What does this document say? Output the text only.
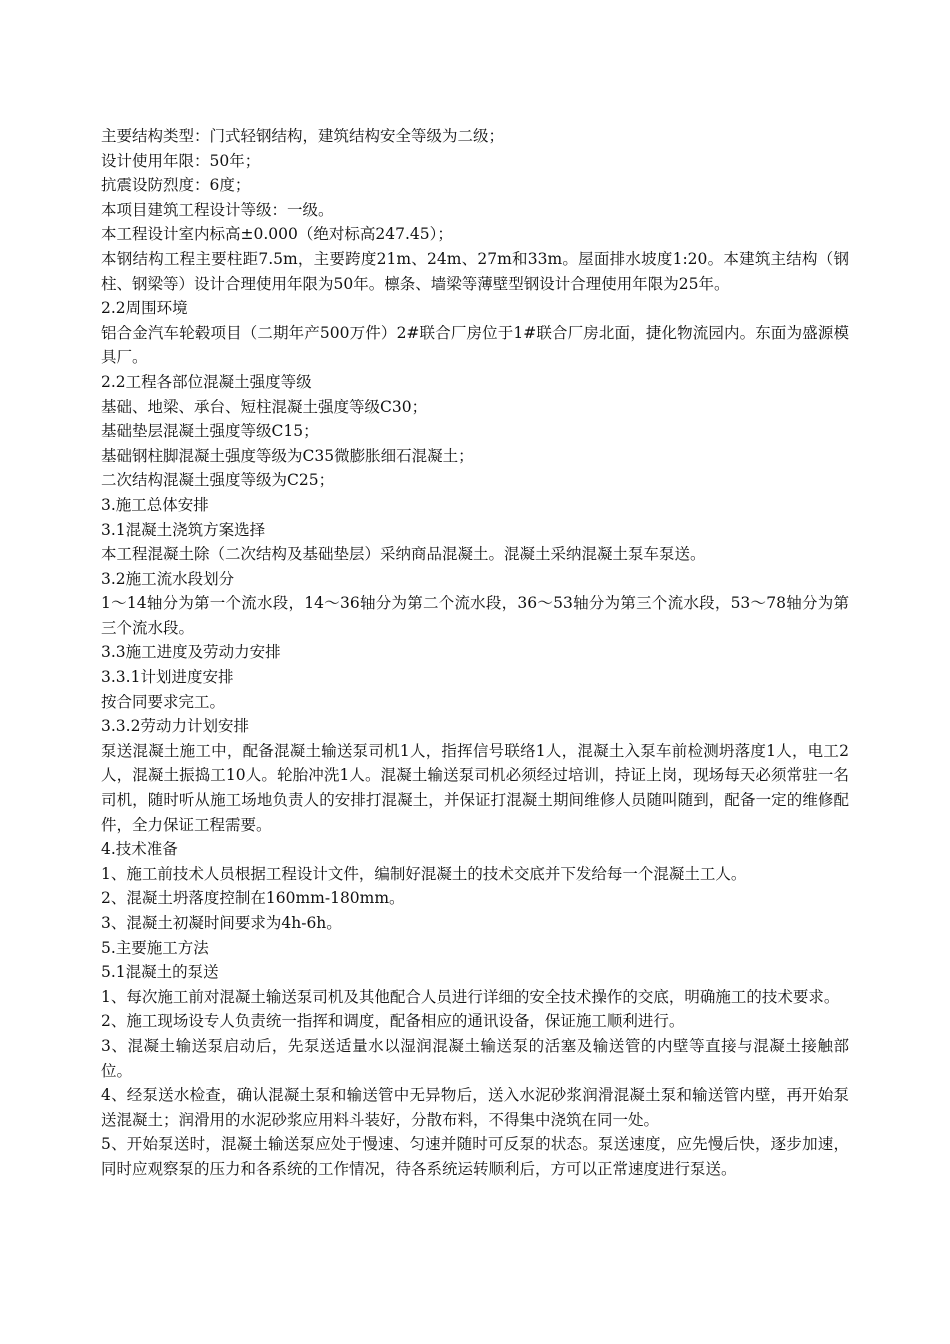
主要结构类型：门式轻钢结构，建筑结构安全等级为二级；

设计使用年限：50年；

抗震设防烈度：6度；

本项目建筑工程设计等级：一级。

本工程设计室内标高±0.000（绝对标高247.45）；

本钢结构工程主要柱距7.5m，主要跨度21m、24m、27m和33m。屋面排水坡度1:20。本建筑主结构（钢柱、钢梁等）设计合理使用年限为50年。檩条、墙梁等薄壁型钢设计合理使用年限为25年。

2.2周围环境

铝合金汽车轮毂项目（二期年产500万件）2#联合厂房位于1#联合厂房北面，捷化物流园内。东面为盛源模具厂。

2.2工程各部位混凝土强度等级

基础、地梁、承台、短柱混凝土强度等级C30；

基础垫层混凝土强度等级C15；

基础钢柱脚混凝土强度等级为C35微膨胀细石混凝土；

二次结构混凝土强度等级为C25；

3.施工总体安排

3.1混凝土浇筑方案选择

本工程混凝土除（二次结构及基础垫层）采纳商品混凝土。混凝土采纳混凝土泵车泵送。

3.2施工流水段划分

1～14轴分为第一个流水段，14～36轴分为第二个流水段，36～53轴分为第三个流水段，53～78轴分为第三个流水段。

3.3施工进度及劳动力安排

3.3.1计划进度安排

按合同要求完工。

3.3.2劳动力计划安排

泵送混凝土施工中，配备混凝土输送泵司机1人，指挥信号联络1人，混凝土入泵车前检测坍落度1人，电工2人，混凝土振捣工10人。轮胎冲洗1人。混凝土输送泵司机必须经过培训，持证上岗，现场每天必须常驻一名司机，随时听从施工场地负责人的安排打混凝土，并保证打混凝土期间维修人员随叫随到，配备一定的维修配件，全力保证工程需要。

4.技术准备

1、施工前技术人员根据工程设计文件，编制好混凝土的技术交底并下发给每一个混凝土工人。

2、混凝土坍落度控制在160mm-180mm。

3、混凝土初凝时间要求为4h-6h。

5.主要施工方法

5.1混凝土的泵送

1、每次施工前对混凝土输送泵司机及其他配合人员进行详细的安全技术操作的交底，明确施工的技术要求。

2、施工现场设专人负责统一指挥和调度，配备相应的通讯设备，保证施工顺利进行。

3、混凝土输送泵启动后，先泵送适量水以湿润混凝土输送泵的活塞及输送管的内壁等直接与混凝土接触部位。

4、经泵送水检查，确认混凝土泵和输送管中无异物后，送入水泥砂浆润滑混凝土泵和输送管内壁，再开始泵送混凝土；润滑用的水泥砂浆应用料斗装好，分散布料，不得集中浇筑在同一处。

5、开始泵送时，混凝土输送泵应处于慢速、匀速并随时可反泵的状态。泵送速度，应先慢后快，逐步加速，同时应观察泵的压力和各系统的工作情况，待各系统运转顺利后，方可以正常速度进行泵送。
